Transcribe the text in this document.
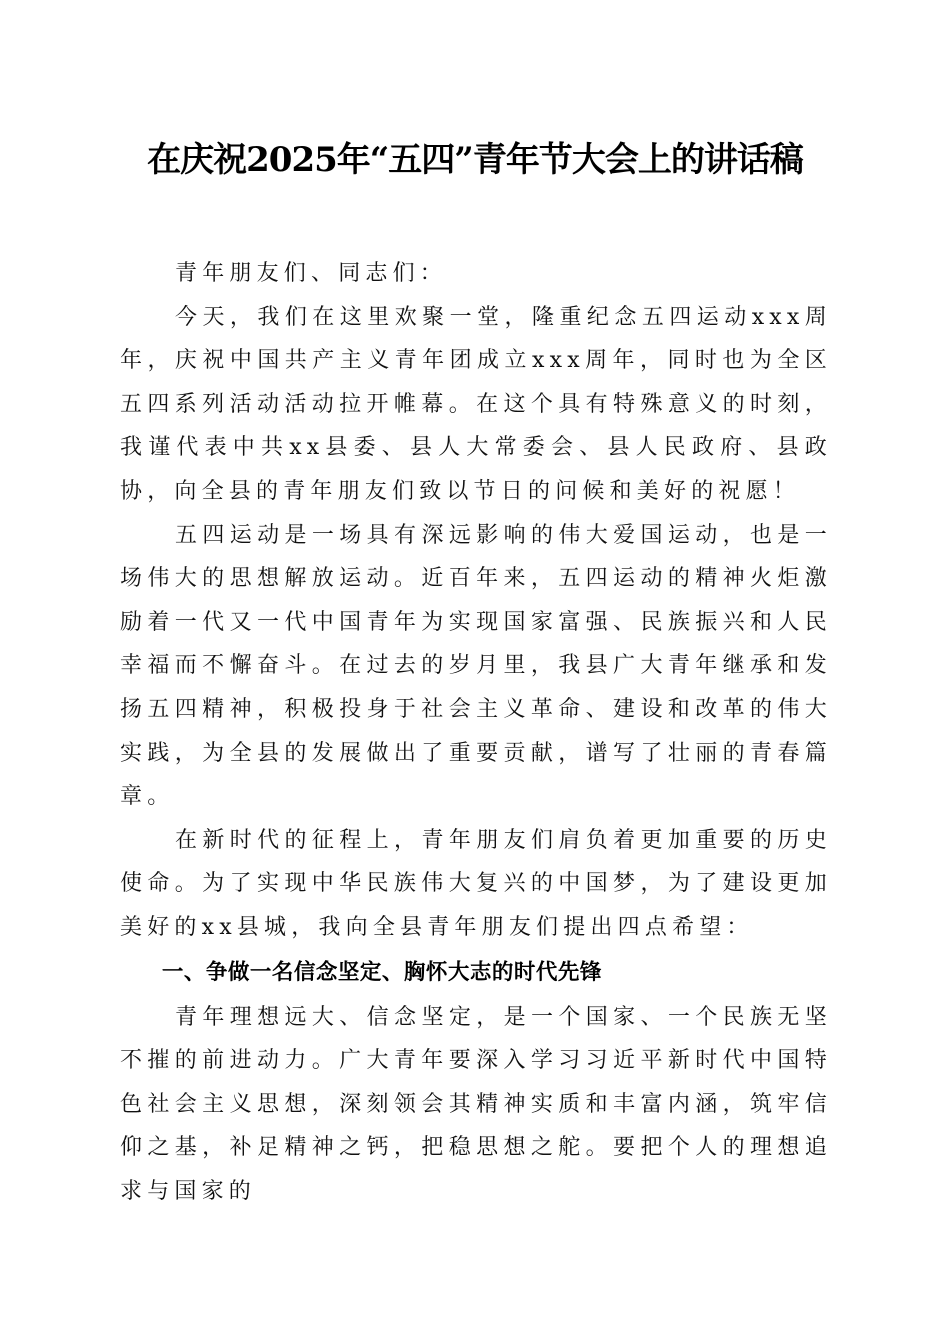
在庆祝2025年“五四”青年节大会上的讲话稿

青年朋友们、同志们：

今天，我们在这里欢聚一堂，隆重纪念五四运动xxx周年，庆祝中国共产主义青年团成立xxx周年，同时也为全区五四系列活动活动拉开帷幕。在这个具有特殊意义的时刻，我谨代表中共xx县委、县人大常委会、县人民政府、县政协，向全县的青年朋友们致以节日的问候和美好的祝愿！

五四运动是一场具有深远影响的伟大爱国运动，也是一场伟大的思想解放运动。近百年来，五四运动的精神火炬激励着一代又一代中国青年为实现国家富强、民族振兴和人民幸福而不懈奋斗。在过去的岁月里，我县广大青年继承和发扬五四精神，积极投身于社会主义革命、建设和改革的伟大实践，为全县的发展做出了重要贡献，谱写了壮丽的青春篇章。

在新时代的征程上，青年朋友们肩负着更加重要的历史使命。为了实现中华民族伟大复兴的中国梦，为了建设更加美好的xx县城，我向全县青年朋友们提出四点希望：

一、争做一名信念坚定、胸怀大志的时代先锋

青年理想远大、信念坚定，是一个国家、一个民族无坚不摧的前进动力。广大青年要深入学习习近平新时代中国特色社会主义思想，深刻领会其精神实质和丰富内涵，筑牢信仰之基，补足精神之钙，把稳思想之舵。要把个人的理想追求与国家的
